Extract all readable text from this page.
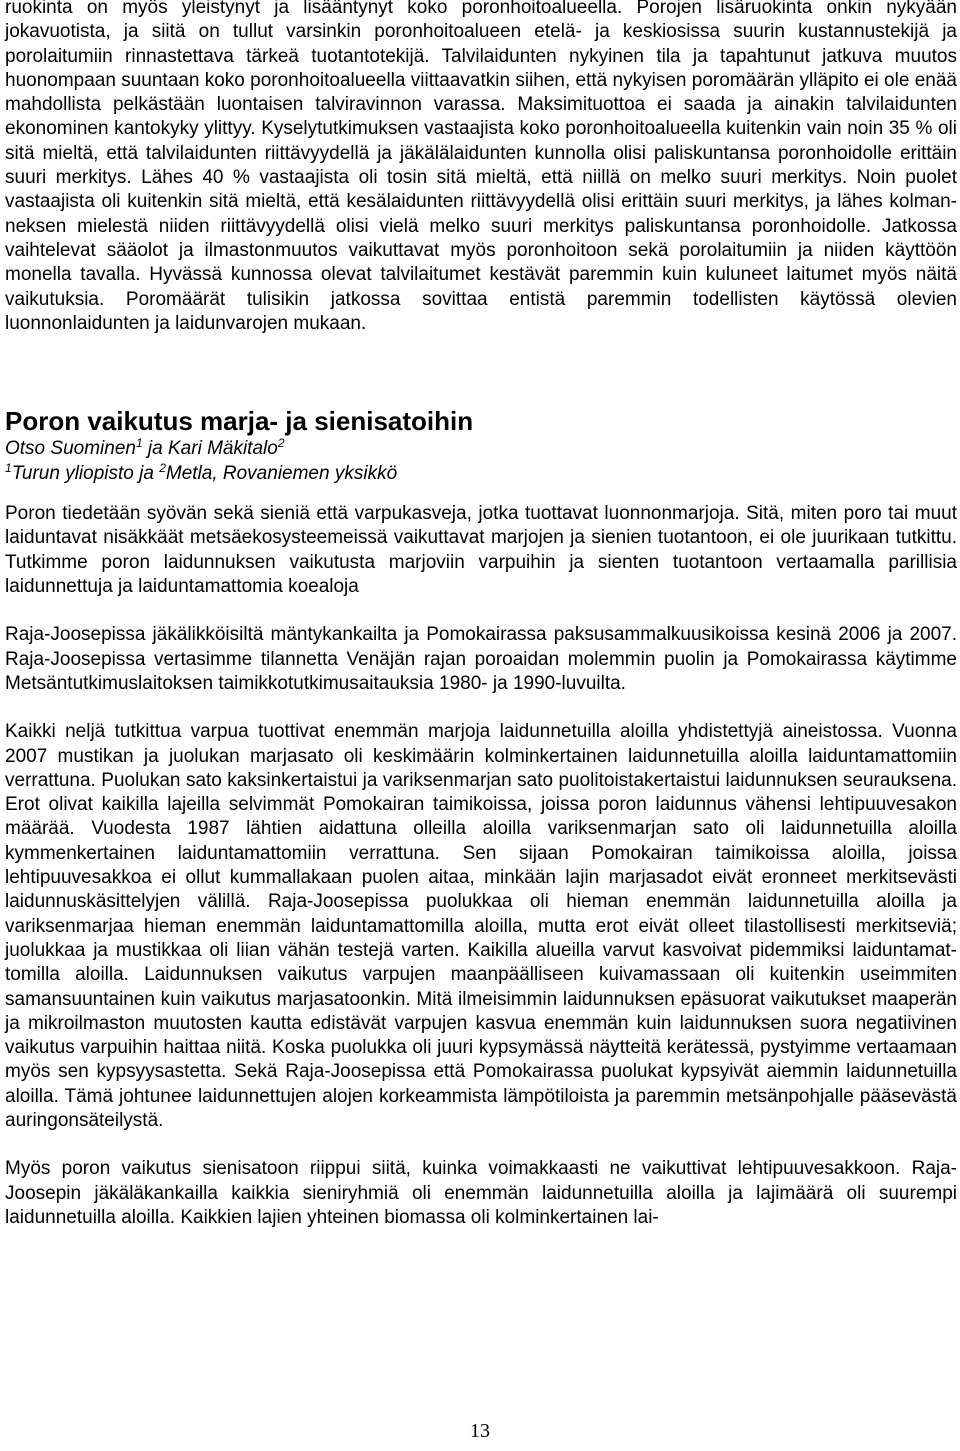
ruokinta on myös yleistynyt ja lisääntynyt koko poronhoitoalueella. Porojen lisäruokinta onkin nykyään jokavuotista, ja siitä on tullut varsinkin poronhoitoalueen etelä- ja keskiosissa suurin kustannustekijä ja porolaitumiin rinnastettava tärkeä tuotantotekijä. Talvilaidunten nykyinen tila ja tapahtunut jatkuva muutos huonompaan suuntaan koko poronhoitoalueella viittaavatkin siihen, että nykyisen poromäärän ylläpito ei ole enää mahdollista pelkästään luontaisen talviravinnon varassa. Maksimituottoa ei saada ja ainakin talvilaidunten ekonominen kantokyky ylittyy. Kyselytutkimuksen vastaajista koko poronhoitoalueella kuitenkin vain noin 35 % oli sitä mieltä, että talvilaidunten riittävyydellä ja jäkälälaidunten kunnolla olisi paliskuntansa poronhoidolle erittäin suuri merkitys. Lähes 40 % vastaajista oli tosin sitä mieltä, että niillä on melko suuri merkitys. Noin puolet vastaajista oli kuitenkin sitä mieltä, että kesälaidunten riittävyydellä olisi erittäin suuri merkitys, ja lähes kolmanneksen mielestä niiden riittävyydellä olisi vielä melko suuri merkitys paliskuntansa poronhoidolle. Jatkossa vaihtelevat sääolot ja ilmastonmuutos vaikuttavat myös poronhoitoon sekä porolaitumiin ja niiden käyttöön monella tavalla. Hyvässä kunnossa olevat talvilaitumet kestävät paremmin kuin kuluneet laitumet myös näitä vaikutuksia. Poromäärät tulisikin jatkossa sovittaa entistä paremmin todellisten käytössä olevien luonnonlaidunten ja laidunvarojen mukaan.

Poron vaikutus marja- ja sienisatoihin
Otso Suominen$^1$ ja Kari Mäkitalo$^2$
$^1$Turun yliopisto ja $^2$Metla, Rovaniemen yksikkö

Poron tiedetään syövän sekä sieniä että varpukasveja, jotka tuottavat luonnonmarjoja. Sitä, miten poro tai muut laiduntavat nisäkkäät metsäekosysteemeissä vaikuttavat marjojen ja sienien tuotantoon, ei ole juurikaan tutkittu. Tutkimme poron laidunnuksen vaikutusta marjoviin varpuihin ja sienten tuotantoon vertaamalla parillisia laidunnettuja ja laiduntamattomia koealoja

Raja-Joosepissa jäkälikköisiltä mäntykankailta ja Pomokairassa paksusammalkuusikoissa kesinä 2006 ja 2007. Raja-Joosepissa vertasimme tilannetta Venäjän rajan poroaidan molemmin puolin ja Pomokairassa käytimme Metsäntutkimuslaitoksen taimikkotutkimusaitauksia 1980- ja 1990-luvuilta.

Kaikki neljä tutkittua varpua tuottivat enemmän marjoja laidunnetuilla aloilla yhdistettyjä aineistossa. Vuonna 2007 mustikan ja juolukan marjasato oli keskimäärin kolminkertainen laidunnetuilla aloilla laiduntamattomiin verrattuna. Puolukan sato kaksinkertaistui ja variksenmarjan sato puolitoistakertaistui laidunnuksen seurauksena. Erot olivat kaikilla lajeilla selvimmät Pomokairan taimikoissa, joissa poron laidunnus vähensi lehtipuuvesakon määrää. Vuodesta 1987 lähtien aidattuna olleilla aloilla variksenmarjan sato oli laidunnetuilla aloilla kymmenkertainen laiduntamattomiin verrattuna. Sen sijaan Pomokairan taimikoissa aloilla, joissa lehtipuuvesakkoa ei ollut kummallakaan puolen aitaa, minkään lajin marjasadot eivät eronneet merkitsevästi laidunnuskäsittelyjen välillä. Raja-Joosepissa puolukkaa oli hieman enemmän laidunnetuilla aloilla ja variksenmarjaa hieman enemmän laiduntamattomilla aloilla, mutta erot eivät olleet tilastollisesti merkitseviä; juolukkaa ja mustikkaa oli liian vähän testejä varten. Kaikilla alueilla varvut kasvoivat pidemmiksi laiduntamattomilla aloilla. Laidunnuksen vaikutus varpujen maanpäälliseen kuivamassaan oli kuitenkin useimmiten samansuuntainen kuin vaikutus marjasatoonkin. Mitä ilmeisimmin laidunnuksen epäsuorat vaikutukset maaperän ja mikroilmaston muutosten kautta edistävät varpujen kasvua enemmän kuin laidunnuksen suora negatiivinen vaikutus varpuihin haittaa niitä. Koska puolukka oli juuri kypsymässä näytteitä kerätessä, pystyimme vertaamaan myös sen kypsyysastetta. Sekä Raja-Joosepissa että Pomokairassa puolukat kypsyivät aiemmin laidunnetuilla aloilla. Tämä johtunee laidunnettujen alojen korkeammista lämpötiloista ja paremmin metsänpohjalle pääsevästä auringonsäteilystä.

Myös poron vaikutus sienisatoon riippui siitä, kuinka voimakkaasti ne vaikuttivat lehtipuuvesakkoon. Raja-Joosepin jäkäläkankailla kaikkia sieniryhmiä oli enemmän laidunnetuilla aloilla ja lajimäärä oli suurempi laidunnetuilla aloilla. Kaikkien lajien yhteinen biomassa oli kolminkertainen lai-

13
